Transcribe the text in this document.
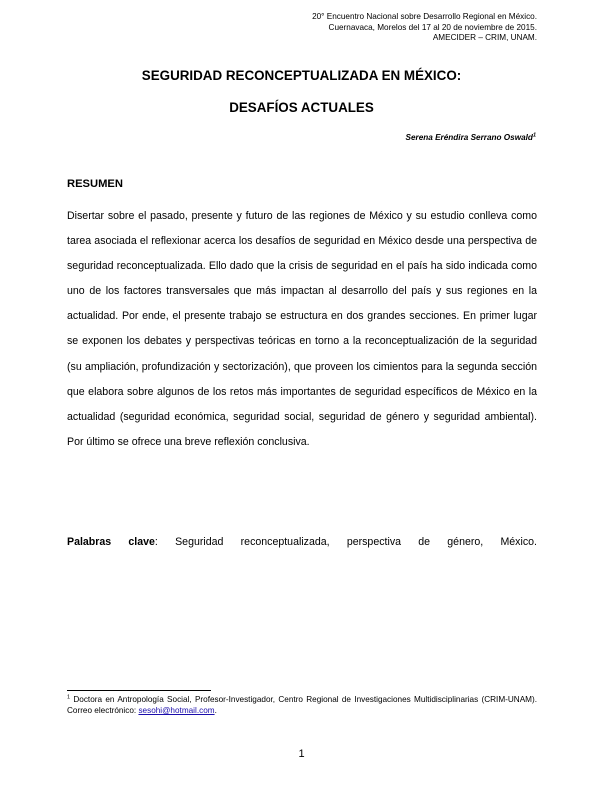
20° Encuentro Nacional sobre Desarrollo Regional en México.
Cuernavaca, Morelos del 17 al 20 de noviembre de 2015.
AMECIDER – CRIM, UNAM.
SEGURIDAD RECONCEPTUALIZADA EN MÉXICO:
DESAFÍOS ACTUALES
Serena Eréndira Serrano Oswald$^1$
RESUMEN

Disertar sobre el pasado, presente y futuro de las regiones de México y su estudio conlleva como tarea asociada el reflexionar acerca los desafíos de seguridad en México desde una perspectiva de seguridad reconceptualizada. Ello dado que la crisis de seguridad en el país ha sido indicada como uno de los factores transversales que más impactan al desarrollo del país y sus regiones en la actualidad. Por ende, el presente trabajo se estructura en dos grandes secciones. En primer lugar se exponen los debates y perspectivas teóricas en torno a la reconceptualización de la seguridad (su ampliación, profundización y sectorización), que proveen los cimientos para la segunda sección que elabora sobre algunos de los retos más importantes de seguridad específicos de México en la actualidad (seguridad económica, seguridad social, seguridad de género y seguridad ambiental). Por último se ofrece una breve reflexión conclusiva.

Palabras clave: Seguridad reconceptualizada, perspectiva de género, México.
$^1$ Doctora en Antropología Social, Profesor-Investigador, Centro Regional de Investigaciones Multidisciplinarias (CRIM-UNAM). Correo electrónico: sesohi@hotmail.com.
1
